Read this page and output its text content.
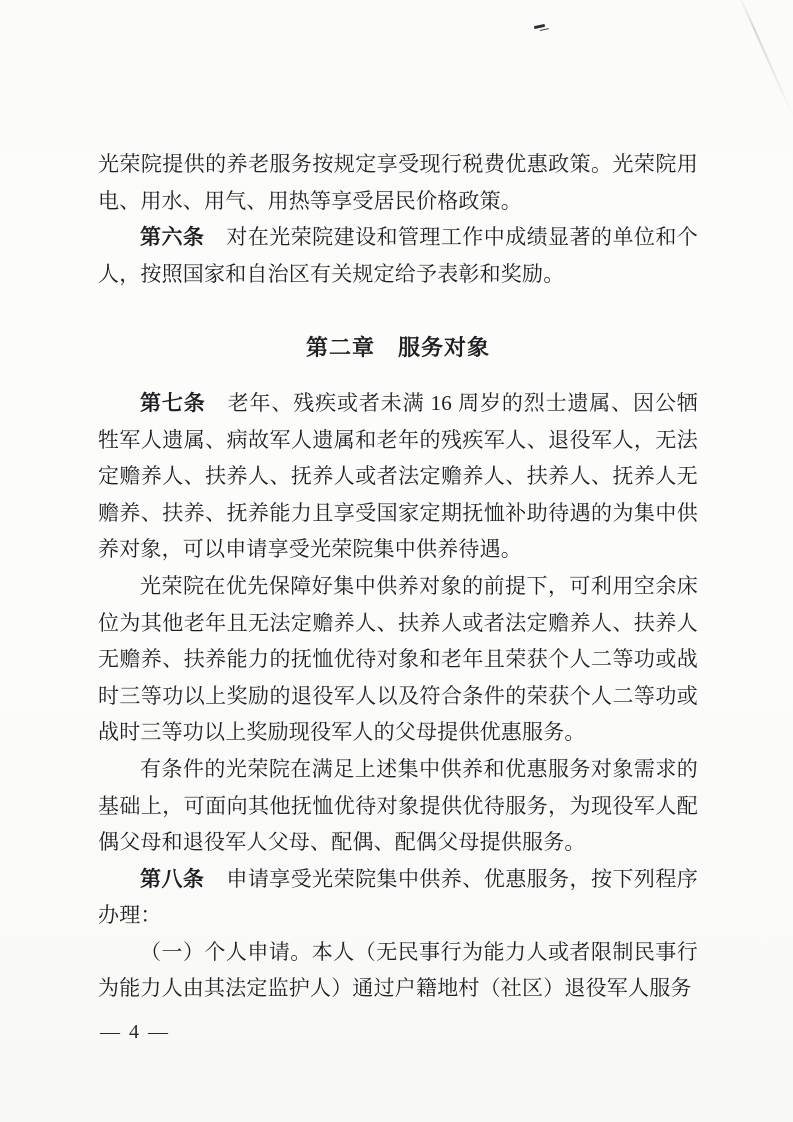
光荣院提供的养老服务按规定享受现行税费优惠政策。光荣院用电、用水、用气、用热等享受居民价格政策。

第六条 对在光荣院建设和管理工作中成绩显著的单位和个人，按照国家和自治区有关规定给予表彰和奖励。

第二章　服务对象

第七条 老年、残疾或者未满 16 周岁的烈士遗属、因公牺牲军人遗属、病故军人遗属和老年的残疾军人、退役军人，无法定赡养人、扶养人、抚养人或者法定赡养人、扶养人、抚养人无赡养、扶养、抚养能力且享受国家定期抚恤补助待遇的为集中供养对象，可以申请享受光荣院集中供养待遇。

光荣院在优先保障好集中供养对象的前提下，可利用空余床位为其他老年且无法定赡养人、扶养人或者法定赡养人、扶养人无赡养、扶养能力的抚恤优待对象和老年且荣获个人二等功或战时三等功以上奖励的退役军人以及符合条件的荣获个人二等功或战时三等功以上奖励现役军人的父母提供优惠服务。

有条件的光荣院在满足上述集中供养和优惠服务对象需求的基础上，可面向其他抚恤优待对象提供优待服务，为现役军人配偶父母和退役军人父母、配偶、配偶父母提供服务。

第八条 申请享受光荣院集中供养、优惠服务，按下列程序办理：

（一）个人申请。本人（无民事行为能力人或者限制民事行为能力人由其法定监护人）通过户籍地村（社区）退役军人服务

— 4 —
